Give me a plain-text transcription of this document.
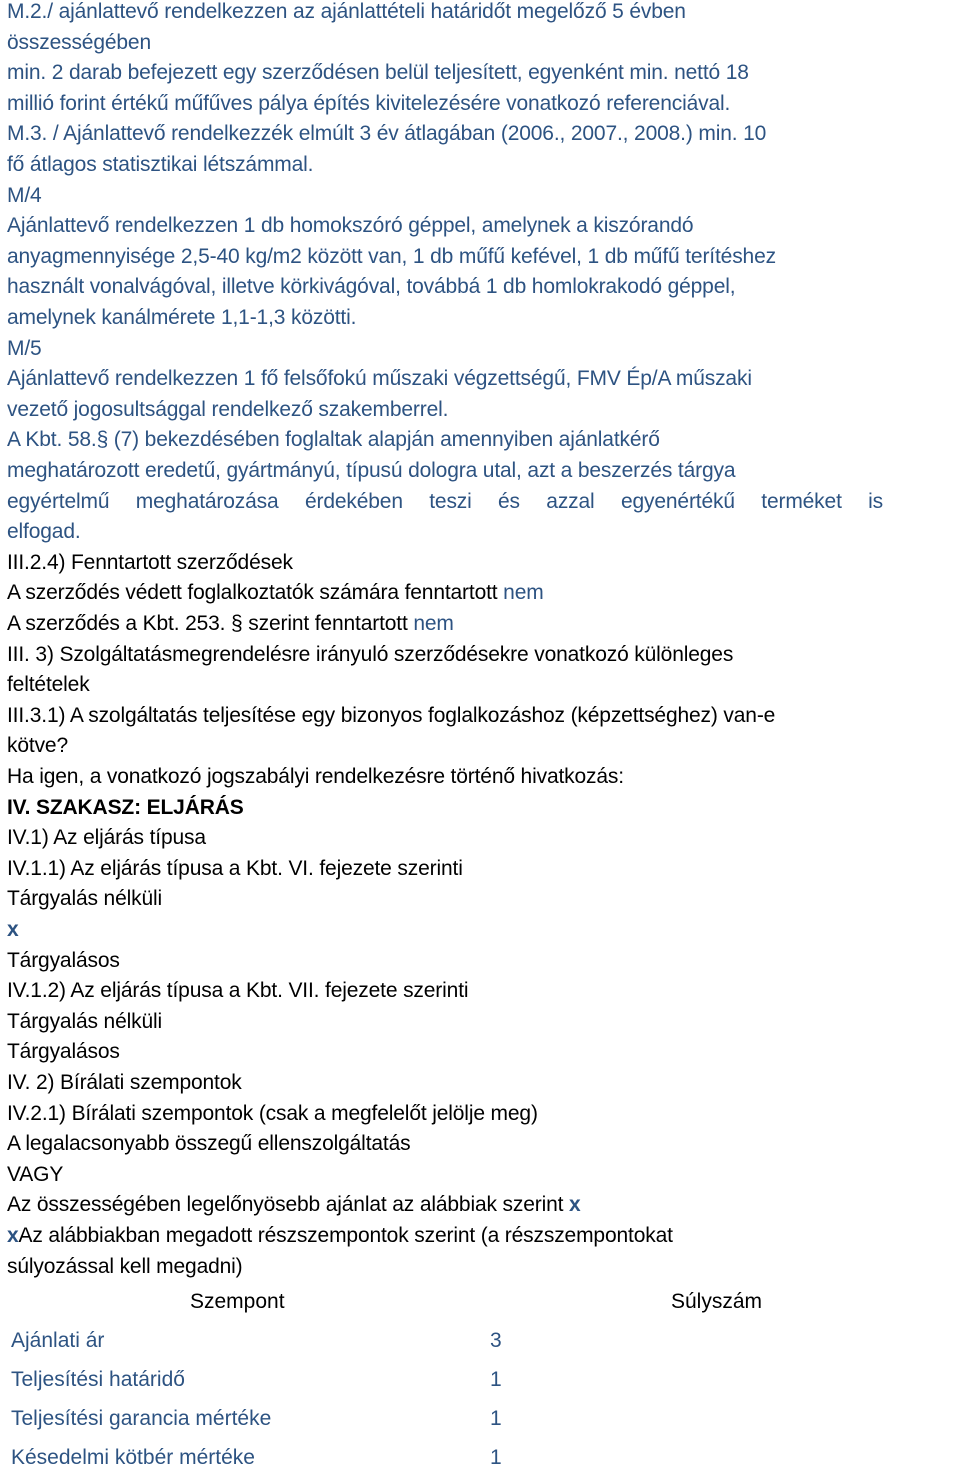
M.2./ ajánlattevő rendelkezzen az ajánlattételi határidőt megelőző 5 évben
összességében
min. 2 darab befejezett egy szerződésen belül teljesített, egyenként min. nettó 18
millió forint értékű műfűves pálya építés kivitelezésére vonatkozó referenciával.
M.3. / Ajánlattevő rendelkezzék elmúlt 3 év átlagában (2006., 2007., 2008.) min. 10
fő átlagos statisztikai létszámmal.
M/4
Ajánlattevő rendelkezzen 1 db homokszóró géppel, amelynek a kiszórandó
anyagmennyisége 2,5-40 kg/m2 között van, 1 db műfű kefével, 1 db műfű terítéshez
használt vonalvágóval, illetve körkivágóval, továbbá 1 db homlokrakodó géppel,
amelynek kanálmérete 1,1-1,3 közötti.
M/5
Ajánlattevő rendelkezzen 1 fő felsőfokú műszaki végzettségű, FMV Ép/A műszaki
vezető jogosultsággal rendelkező szakemberrel.
A Kbt. 58.§ (7) bekezdésében foglaltak alapján amennyiben ajánlatkérő
meghatározott eredetű, gyártmányú, típusú dologra utal, azt a beszerzés tárgya
egyértelmű meghatározása érdekében teszi és azzal egyenértékű terméket is
elfogad.
III.2.4) Fenntartott szerződések
A szerződés védett foglalkoztatók számára fenntartott nem
A szerződés a Kbt. 253. § szerint fenntartott nem
III. 3) Szolgáltatásmegrendelésre irányuló szerződésekre vonatkozó különleges
feltételek
III.3.1) A szolgáltatás teljesítése egy bizonyos foglalkozáshoz (képzettséghez) van-e
kötve?
Ha igen, a vonatkozó jogszabályi rendelkezésre történő hivatkozás:
IV. SZAKASZ: ELJÁRÁS
IV.1) Az eljárás típusa
IV.1.1) Az eljárás típusa a Kbt. VI. fejezete szerinti
Tárgyalás nélküli
x
Tárgyalásos
IV.1.2) Az eljárás típusa a Kbt. VII. fejezete szerinti
Tárgyalás nélküli
Tárgyalásos
IV. 2) Bírálati szempontok
IV.2.1) Bírálati szempontok (csak a megfelelőt jelölje meg)
A legalacsonyabb összegű ellenszolgáltatás
VAGY
Az összességében legelőnyösebb ajánlat az alábbiak szerint x
xAz alábbiakban megadott részszempontok szerint (a részszempontokat
súlyozással kell megadni)
Szempont	Súlyszám
Ajánlati ár	3
Teljesítési határidő	1
Teljesítési garancia mértéke	1
Késedelmi kötbér mértéke	1
